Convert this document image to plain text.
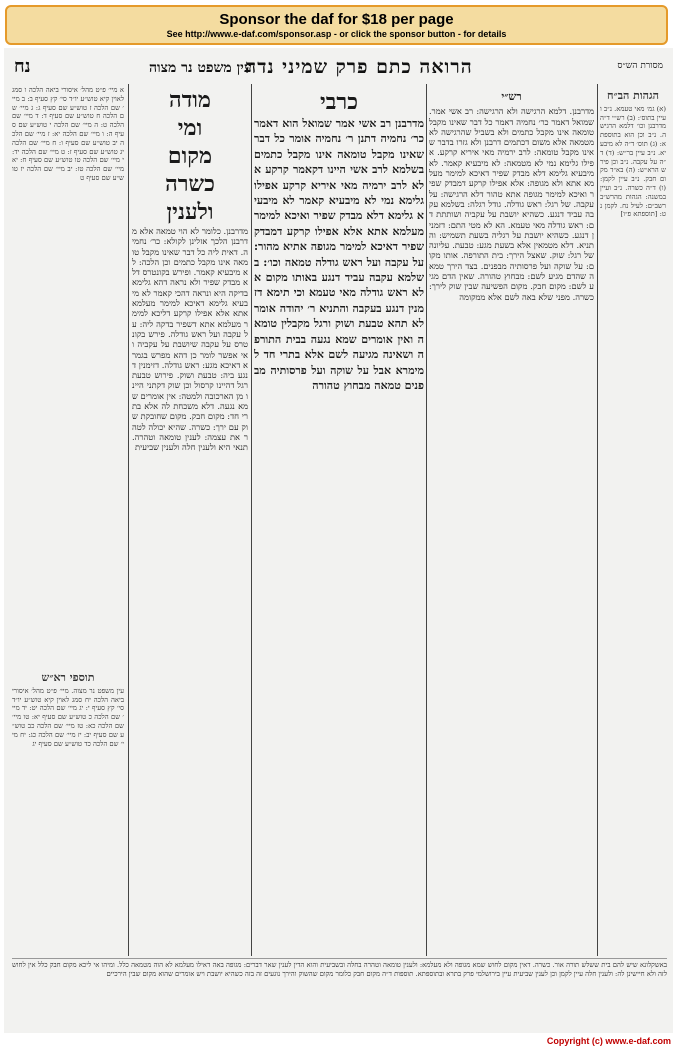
Sponsor the daf for $18 per page
See http://www.e-daf.com/sponsor.asp - or click the sponsor button - for details
מסורת הש״ס
הרואה כתם פרק שמיני נדה
עין משפט נר מצוה
נח
הגהות הב״ח
(א) גמ׳ מאי טעמא. נ״ב ועיין בתוס׳: (ב) רש״י ד״ה מדרבנן וכו׳ דלמא הרגישה. נ״ב וכן הוא בתוספתא: (ג) תוס׳ ד״ה לא מיבעיא. נ״ב עיין בר״ש: (ד) ד״ה על עקבה. נ״ב וכן פירש הרא״ש: (ה) בא״ד מקום חבק. נ״ב עיין לקמן: (ו) ד״ה כשרה. נ״ב ועיין במשנה: הגהות מהרש״ב רשב״ם: לעיל נח. לקמן נט: [תוספתא פ״ו]
רש״י
מדרבנן. דלמא הרגישה ולא הרגישה: רב אשי אמר. שמואל דאמר כר׳ נחמיה דאמר כל דבר שאינו מקבל טומאה אינו מקבל כתמים ולא בשביל שהרגישה לא מטמאה אלא משום דכתמים דרבנן ולא גזרו בדבר שאינו מקבל טומאה: לרב ירמיה מאי איריא קרקע. אפילו גלימא נמי לא מטמאה: לא מיבעיא קאמר. לא מיבעיא גלימא דלא מבדק שפיר דאיכא למימר מעלמא אתא ולא מגופה: אלא אפילו קרקע דמבדק שפיר ואיכא למימר מגופה אתא טהור דלא הרגישה: על עקבה. של רגל: ראש גודלה. גודל רגלה: בשלמא עקבה עביד דנגע. כשהיא יושבת על עקביה ושותתת דם: ראש גודלה מאי טעמא. הא לא מטי התם: דזמנין דנגע. כשהיא יושבת על רגליה בשעת תשמיש: והתניא. דלא מטמאין אלא בשעת מגע: טבעת. עליונה של רגל: שוק. שאצל הירך: בית התורפה. אותו מקום: על שוקה ועל פרסותיה מבפנים. בצד הירך טמאה שהדם מגיע לשם: מבחוץ טהורה. שאין הדם מגיע לשם: מקום חבק. מקום הפשיעה שבין שוק לירך: כשרה. מפני שלא באה לשם אלא ממקומה
כרבי
מדרבנן רב אשי אמר שמואל הוא דאמר כר׳ נחמיה דתנן ר׳ נחמיה אומר כל דבר שאינו מקבל טומאה אינו מקבל כתמים בשלמא לרב אשי היינו דקאמר קרקע אלא לרב ירמיה מאי איריא קרקע אפילו גלימא נמי לא מיבעיא קאמר לא מיבעיא גלימא דלא מבדק שפיר ואיכא למימר מעלמא אתא אלא אפילו קרקע דמבדק שפיר דאיכא למימר מגופה אתיא מהור: על עקבה ועל ראש גודלה טמאה וכו׳: בשלמא עקבה עביד דנגע באותו מקום אלא ראש גודלה מאי טעמא וכי תימא דזמנין דנגע בעקבה והתניא ר׳ יהודה אומר לא תהא טבעת ושוק ורגל מקבלין טומאה ואין אומרים שמא נגעה בבית התורפה ושאינה מגיעה לשם אלא בתרי חד למימרא אבל על שוקה ועל פרסותיה מבפנים טמאה מבחוץ טהורה
מודה
ומי
מקום
כשרה
ולענין
מדרבנן. כלומר לא הוי טמאה אלא מדרבנן הלכך אזלינן לקולא: כר׳ נחמיה. דאית ליה כל דבר שאינו מקבל טומאה אינו מקבל כתמים וכן הלכה: לא מיבעיא קאמר. ופירש בקונטרס דלא מבדק שפיר ולא נראה דהא גלימא בדיקה היא ונראה דהכי קאמר לא מיבעיא גלימא דאיכא למימר מעלמא אתא אלא אפילו קרקע דליכא למימר מעלמא אתא דשפיר בדקה ליה: על עקבה ועל ראש גודלה. פירש בקונטרס על עקבה שיושבת על עקביה ואי אפשר לומר כן דהא מפרש בגמרא דאיכא מגע: ראש גודלה. דזימנין דנגע ביה: טבעת ושוק. פירוש טבעת רגל דהיינו קרסול וכן שוק דקתני היינו מן הארכובה ולמטה: אין אומרים שמא נגעה. דלא משכחת לה אלא בתרי חד: מקום חבק. מקום שחובקת שוק עם ירך: כשרה. שהיא יכולה לטהר את עצמה: לענין טומאה וטהרה. תנאי היא ולענין חלה ולענין שביעית
א מיי׳ פ״ט מהל׳ איסורי ביאה הלכה ו סמג לאוין קיא טוש״ע יו״ד סי׳ קץ סעיף ב: ב מיי׳ שם הלכה ז טוש״ע שם סעיף ג: ג מיי׳ שם הלכה ח טוש״ע שם סעיף ד: ד מיי׳ שם הלכה ט: ה מיי׳ שם הלכה י טוש״ע שם סעיף ה: ו מיי׳ שם הלכה יא: ז מיי׳ שם הלכה יב טוש״ע שם סעיף ו: ח מיי׳ שם הלכה יג טוש״ע שם סעיף ז: ט מיי׳ שם הלכה יד: י מיי׳ שם הלכה טו טוש״ע שם סעיף ח: יא מיי׳ שם הלכה טז: יב מיי׳ שם הלכה יז טוש״ע שם סעיף ט
תוספי רא״ש
עין משפט נר מצוה. מיי׳ פ״ט מהל׳ איסורי ביאה הלכה יח סמג לאוין קיא טוש״ע יו״ד סי׳ קץ סעיף י: יג מיי׳ שם הלכה יט: יד מיי׳ שם הלכה כ טוש״ע שם סעיף יא: טו מיי׳ שם הלכה כא: טז מיי׳ שם הלכה כב טוש״ע שם סעיף יב: יז מיי׳ שם הלכה כג: יח מיי׳ שם הלכה כד טוש״ע שם סעיף יג
באשקלונא שיש להם בית ששלש תורה אור. כשרה. דאין מקום לחוש שמא מגופה ולא מעלמא: ולענין טומאה וטהרה בחלה ובשביעית והוא הדין לענין שאר דברים: מגופה באה דאילו מעלמא לא הוה מטמאה כלל. ומיהו אי ליכא מקום חבק כלל אין לחוש לזה ולא חיישינן לה: ולענין חלה עיין לקמן וכן לענין שביעית עיין בירושלמי פרק בתרא ובתוספתא. תוספות ד״ה מקום חבק כלומר מקום שהשוק והירך נוגעים זה בזה כשהיא יושבת ויש אומרים שהוא מקום שבין הירכיים
Copyright (c) www.e-daf.com
